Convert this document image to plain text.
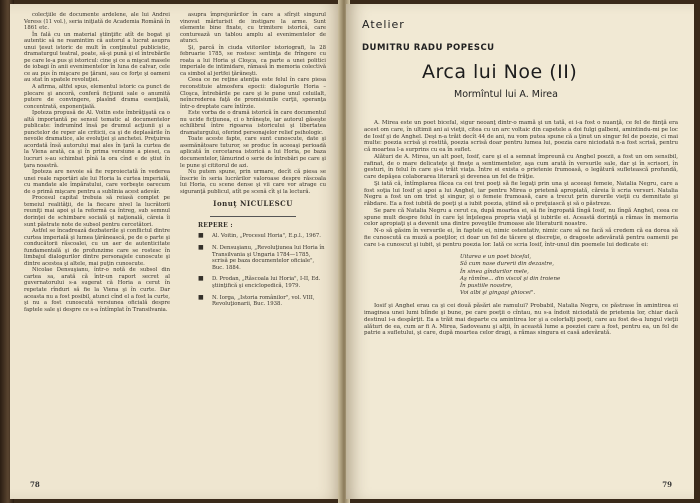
colecţiile de documente ardelene, ale lui Andrei Veress (11 vol.), seria iniţiată de Academia Română în 1861 etc.

În fală cu un material ştiinţific atît de bogat şi autentic să ne reamintim că autorul a lucrat asupra unui ţesut istoric de mult în conţinutul publicistic, dramaturgul teatral, poate, să-şi pună şi el întrebările pe care le-a pus şi istoricul: cine şi ce a mişcat masele de iobagi în anii evenimentelor în luna de calvar, cele ce au pus în mişcare pe ţărani, sau ce forţe şi oameni au stat în spatele revoluţiei.

A afirma, altfel spus, elementul istoric ca punct de plecare şi ancoră, conferă ficţiunii sale o anumită putere de convingere, plasînd drama esenţială, concentrată, exponenţială.

Ipoteza propusă de Al. Voitin este îmbrăţişată ca o altă importantă pe sensul tematic al documentelor publicate: îndrumînd însă pe drumul acţiunii şi a punctelor de reper ale criticii, ca şi de deplasările în nevoile dramatice, ale evoluţiei şi anchetei. Preţuirea acordată însă autorului mai ales în ţară la curtea de la Viena arată, ca şi în prima versiune a piesei, ca lucruri s-au schimbat pînă la ora cînd e de ştiut în ţara noastră.

Ipoteza are nevoie să fie reproiectată în vederea unei reale raportări ale lui Horia la curtea imperială, cu mandate ale împăratului, care vorbeşte oarecum de o primă mişcare pentru a sublinia acest adevăr.

Procesul capital trebuia să reiasă complet pe temeiul realităţii, de la fiecare nivel la lucrătorii reuniţi mai apoi şi la reformă ca întreg, sub semnul dorinţei de schimbare socială şi naţională, căreia îi sunt păstrate note de subsol pentru cercetători.

Astfel se încadrează dezbaterile şi conflictul dintre curtea imperială şi lumea ţărănească, pe de o parte şi conducătorii răscoalei, cu un aer de autenticitate fundamentală şi de profunzime care se rostesc în limbajul dialogurilor dintre personajele cunoscute şi dintre acestea şi altele, mai puţin cunoscute.

Nicolae Densuşianu, într-o notă de subsol din cartea sa, arată că într-un raport secret al guvernatorului s-a sugerat că Horia a cerut în repetate rînduri să fie la Viena şi în curte. Dar aceasta nu a fost posibil, atunci cînd el a fost la curte, şi nu a fost cunoscută versiunea oficială despre faptele sale şi despre ce s-a întîmplat în Transilvania.

asupra împrejurărilor în care a sfîrşit singurul vinovat mărturisit de instigare la arme. Sunt elemente bine fixate, cu trimitere istorică, care conturează un tablou amplu al evenimentelor de atunci.

Şi, parcă în ciuda viitorilor istoriografi, la 28 februarie 1785, se rostesc sentinţa de frîngere cu roata a lui Horia şi Cloşca, ca parte a unei politici imperiale de intimidare, rămasă în memoria colectivă ca simbol al jertfei ţărăneşti.

Ceea ce ne reţine atenţia este felul în care piesa reconstituie atmosfera epocii: dialogurile Horia – Cloşca, întrebările pe care şi le pune unul celuilalt, neîncrederea faţă de promisiunile curţii, speranţa într-o dreptate care întîrzie.

Este vorba de o dramă istorică în care documentul nu ucide ficţiunea, ci o hrăneşte, iar autorul găseşte echilibrul între rigoarea istoricului şi libertatea dramaturgului, oferind personajelor relief psihologic.

Toate aceste fapte, care sunt cunoscute, date şi asemănătoare tuturor, se produc în aceeaşi perioadă aplicată în cercetarea istorică a lui Horia, pe baza documentelor, lămurind o serie de întrebări pe care şi le pune şi cititorul de azi.

Nu putem spune, prin urmare, decît că piesa se înscrie în seria lucrărilor valoroase despre răscoala lui Horia, cu scene dense şi vii care vor atrage cu siguranţă publicul, atît pe scenă cît şi la lectură.

Ionuţ NICULESCU
REPERE :
■ Al. Voitin, „Procesul Horia", E.p.l., 1967.
■ N. Densuşianu, „Revoluţiunea lui Horia în Transilvania şi Ungaria 1784—1785, scrisă pe baza documentelor oficiale", Buc. 1884.
■ D. Prodan, „Răscoala lui Horia", I-II, Ed. ştiinţifică şi enciclopedică, 1979.
■ N. Iorga, „Istoria românilor", vol. VIII, Revoluţionarii, Buc. 1938.
78
Atelier
DUMITRU RADU POPESCU
Arca lui Noe (II)
Mormîntul lui A. Mirea

A. Mirea este un poet bicefal, sigur neoanţ dintr-o mamă şi un tată, ei i-a fost o nuanţă, ce fel de fiinţă era acest om care, în ultimii ani ai vieţii, citea cu un arc voltaic din capetele a doi fulgi galbeni, amintindu-mi pe loc de Iosif şi de Anghel. Deşi n-a trăit decît 44 de ani, nu vom putea spune că a ţinut un singur fel de poezie, ci mai multe: poezia scrisă şi rostită, poezia scrisă doar pentru lumea lui, poezia care niciodată n-a fost scrisă, pentru că moartea l-a surprins cu ea în suflet.

Alături de A. Mirea, un alt poet, Iosif, care şi el a semnat împreună cu Anghel poezii, a fost un om sensibil, rafinat, de o mare delicateţe şi fineţe a sentimentelor, aşa cum arată în versurile sale, dar şi în scrisori, în gesturi, în felul în care şi-a trăit viaţa. Între ei exista o prietenie frumoasă, o legătură sufletească profundă, care depăşea colaborarea literară şi devenea un fel de frăţie.

Şi iată că, întîmplarea făcea ca cei trei poeţi să fie legaţi prin una şi aceeaşi femeie, Natalia Negru, care a fost soţia lui Iosif şi apoi a lui Anghel, iar pentru Mirea o prietenă apropiată, căreia îi scria versuri. Natalia Negru a fost un om trist şi singur, şi o femeie frumoasă, care a trecut prin durerile vieţii cu demnitate şi răbdare. Ea a fost iubită de poeţi şi a iubit poezia, ştiind să o preţuiască şi să o păstreze.

Se pare că Natalia Negru a cerut ca, după moartea ei, să fie îngropată lîngă Iosif, nu lîngă Anghel, ceea ce spune mult despre felul în care îşi înţelegea propria viaţă şi iubirile ei. Această dorinţă a rămas în memoria celor apropiaţi şi a devenit una dintre poveştile frumoase ale literaturii noastre.

N-o să găsim în versurile ei, în faptele ei, nimic ostentativ, nimic care să ne facă să credem că ea dorea să fie cunoscută ca muză a poeţilor, ci doar un fel de tăcere şi discreţie, o dragoste adevărată pentru oamenii pe care i-a cunoscut şi iubit, şi pentru poezia lor. Iată ce scria Iosif, într-unul din poemele lui dedicate ei:

Uitarea e un poet bicefal,
Să cum nase durerii din dezastre,
În sinea gîndurilor mele,
Aş rămîne... din viscol şi din troiene
În pustiile noastre,
Voi albi şi gingaşi ghiocei".

Iosif şi Anghel erau ca şi cei două păsări ale ramului? Probabil, Natalia Negru, ce păstrase în amintirea ei imaginea unei lumi blînde şi bune, pe care poeţii o cîntau, nu s-a îndoit niciodată de prietenia lor, chiar dacă destinul i-a despărţit. Ea a trăit mai departe cu amintirea lor şi a celorlalţi poeţi, care au fost de-a lungul vieţii alături de ea, cum ar fi A. Mirea, Sadoveanu şi alţii, în această lume a poeziei care a fost, pentru ea, un fel de patrie a sufletului, şi care, după moartea celor dragi, a rămas singura ei casă adevărată.

79
